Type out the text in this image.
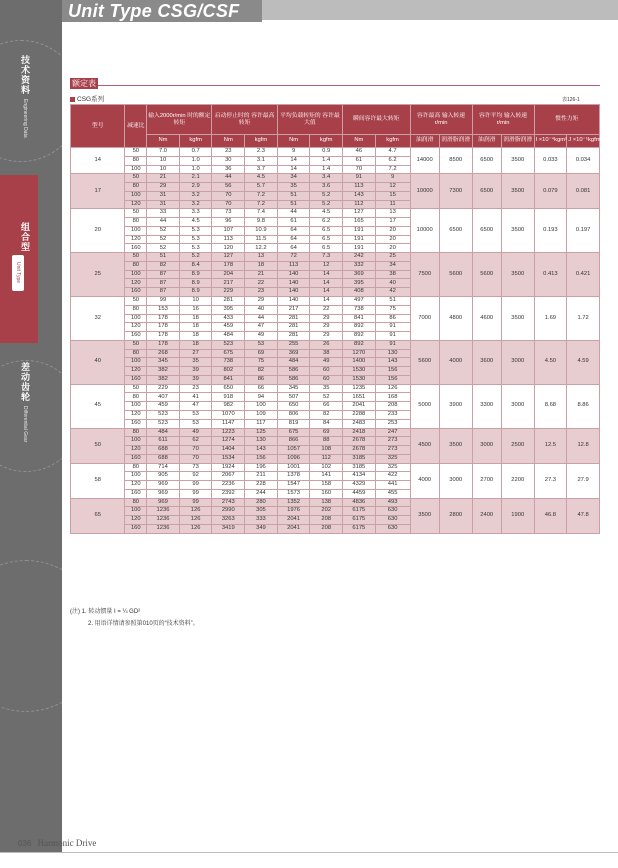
技术资料
Engineering Data
组合型
Unit Type
差动齿轮
Differential Gear
Unit Type CSG/CSF
额定表
CSG系列	表126-1
型号	减速比	输入2000r/min 时的额定转矩		启动停止时的 容许最高转矩		平均负载转矩的 容许最大值		瞬间容许最大转矩		容许最高 输入转速 r/min		容许平均 输入转速 r/min		惯性力矩	
		Nm	kgfm	Nm	kgfm	Nm	kgfm	Nm	kgfm	油润滑	润滑脂润滑	油润滑	润滑脂润滑	I ×10⁻⁴kgm²	J ×10⁻⁵kgfms²
14	50	7.0	0.7	23	2.3	9	0.9	46	4.7	14000	8500	6500	3500	0.033	0.034
	80	10	1.0	30	3.1	14	1.4	61	6.2						
	100	10	1.0	36	3.7	14	1.4	70	7.2						
17	50	21	2.1	44	4.5	34	3.4	91	9	10000	7300	6500	3500	0.079	0.081
	80	29	2.9	56	5.7	35	3.6	113	12						
	100	31	3.2	70	7.2	51	5.2	143	15						
	120	31	3.2	70	7.2	51	5.2	112	11						
20	50	33	3.3	73	7.4	44	4.5	127	13	10000	6500	6500	3500	0.193	0.197
	80	44	4.5	96	9.8	61	6.2	165	17						
	100	52	5.3	107	10.9	64	6.5	191	20						
	120	52	5.3	113	11.5	64	6.5	191	20						
	160	52	5.3	120	12.2	64	6.5	191	20						
25	50	51	5.2	127	13	72	7.3	242	25	7500	5600	5600	3500	0.413	0.421
	80	82	8.4	178	18	113	12	332	34						
	100	87	8.9	204	21	140	14	369	38						
	120	87	8.9	217	22	140	14	395	40						
	160	87	8.9	229	23	140	14	408	42						
32	50	99	10	281	29	140	14	497	51	7000	4800	4600	3500	1.69	1.72
	80	153	16	395	40	217	22	738	75						
	100	178	18	433	44	281	29	841	86						
	120	178	18	459	47	281	29	892	91						
	160	178	18	484	49	281	29	892	91						
40	50	178	18	523	53	255	26	892	91	5600	4000	3600	3000	4.50	4.59
	80	268	27	675	69	369	38	1270	130						
	100	345	35	738	75	484	49	1400	143						
	120	382	39	802	82	586	60	1530	156						
	160	382	39	841	86	586	60	1530	156						
45	50	229	23	650	66	345	35	1235	126	5000	3900	3300	3000	8.68	8.86
	80	407	41	918	94	507	52	1651	168						
	100	459	47	982	100	650	66	2041	208						
	120	523	53	1070	109	806	82	2288	233						
	160	523	53	1147	117	819	84	2483	253						
50	80	484	49	1223	125	675	69	2418	247	4500	3500	3000	2500	12.5	12.8
	100	611	62	1274	130	866	88	2678	273						
	120	688	70	1404	143	1057	108	2678	273						
	160	688	70	1534	156	1096	112	3185	325						
58	80	714	73	1924	196	1001	102	3185	325	4000	3000	2700	2200	27.3	27.9
	100	905	92	2067	211	1378	141	4134	422						
	120	969	99	2236	228	1547	158	4329	441						
	160	969	99	2392	244	1573	160	4459	455						
65	80	969	99	2743	280	1352	138	4836	493	3500	2800	2400	1900	46.8	47.8
	100	1236	126	2990	305	1976	202	6175	630						
	120	1236	126	3263	333	2041	208	6175	630						
	160	1236	126	3419	349	2041	208	6175	630						
(注) 1. 转动惯量 I = ¼ GD²
2. 用语详情请参照第010页的“技术资料”。
036 Harmonic Drive
